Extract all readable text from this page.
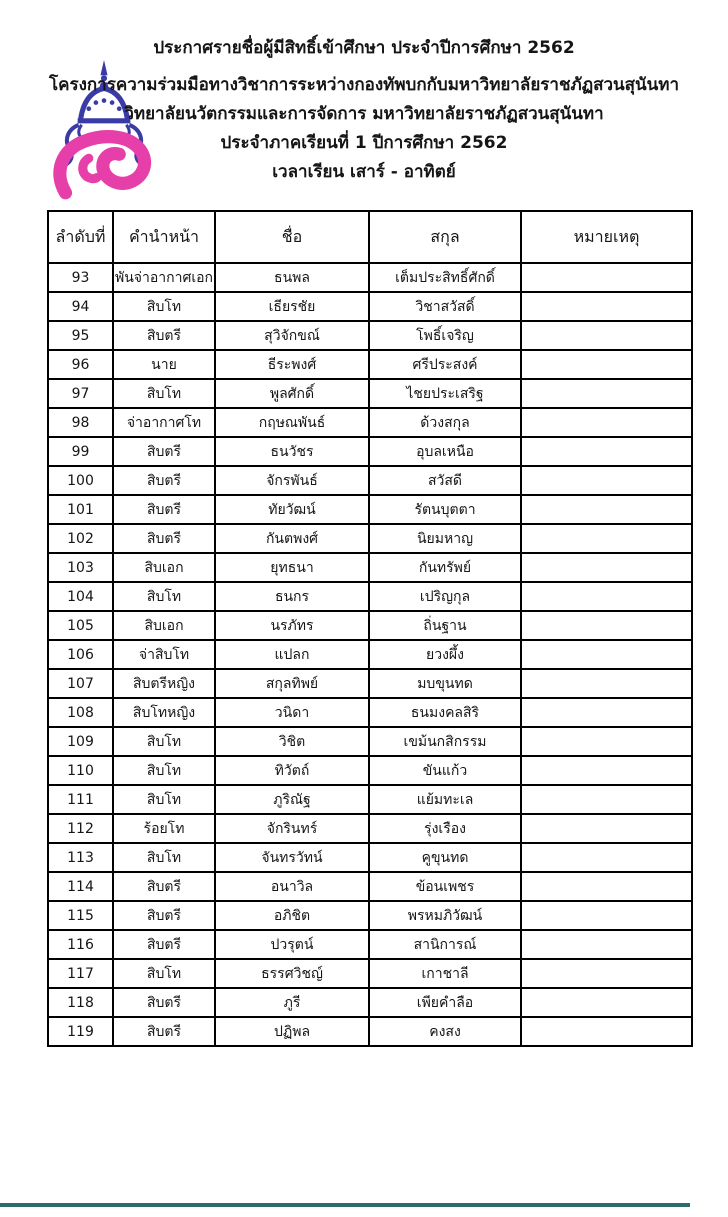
ประกาศรายชื่อผู้มีสิทธิ์เข้าศึกษา ประจำปีการศึกษา 2562

โครงการความร่วมมือทางวิชาการระหว่างกองทัพบกกับมหาวิทยาลัยราชภัฏสวนสุนันทา

วิทยาลัยนวัตกรรมและการจัดการ มหาวิทยาลัยราชภัฏสวนสุนันทา

ประจำภาคเรียนที่ 1 ปีการศึกษา 2562

เวลาเรียน เสาร์ - อาทิตย์

ลำดับที่	คำนำหน้า	ชื่อ	สกุล	หมายเหตุ
93	พันจ่าอากาศเอก	ธนพล	เต็มประสิทธิ์ศักดิ์	
94	สิบโท	เธียรชัย	วิชาสวัสดิ์	
95	สิบตรี	สุวิจักขณ์	โพธิ์เจริญ	
96	นาย	ธีระพงศ์	ศรีประสงค์	
97	สิบโท	พูลศักดิ์	ไชยประเสริฐ	
98	จ่าอากาศโท	กฤษณพันธ์	ด้วงสกุล	
99	สิบตรี	ธนวัชร	อุบลเหนือ	
100	สิบตรี	จักรพันธ์	สวัสดี	
101	สิบตรี	ทัยวัฒน์	รัตนบุตตา	
102	สิบตรี	กันตพงศ์	นิยมหาญ	
103	สิบเอก	ยุทธนา	กันทรัพย์	
104	สิบโท	ธนกร	เปริญกุล	
105	สิบเอก	นรภัทร	ถิ่นฐาน	
106	จ่าสิบโท	แปลก	ยวงผึ้ง	
107	สิบตรีหญิง	สกุลทิพย์	มบขุนทด	
108	สิบโทหญิง	วนิดา	ธนมงคลสิริ	
109	สิบโท	วิชิต	เขม้นกสิกรรม	
110	สิบโท	ทิวัตถ์	ขันแก้ว	
111	สิบโท	ภูริณัฐ	แย้มทะเล	
112	ร้อยโท	จักรินทร์	รุ่งเรือง	
113	สิบโท	จันทรวัทน์	คูขุนทด	
114	สิบตรี	อนาวิล	ข้อนเพชร	
115	สิบตรี	อภิชิต	พรหมภิวัฒน์	
116	สิบตรี	ปวรุตน์	สานิการณ์	
117	สิบโท	ธรรศวิชญ์	เกาชาลี	
118	สิบตรี	ภูรี	เพียคำลือ	
119	สิบตรี	ปฏิพล	คงสง	
